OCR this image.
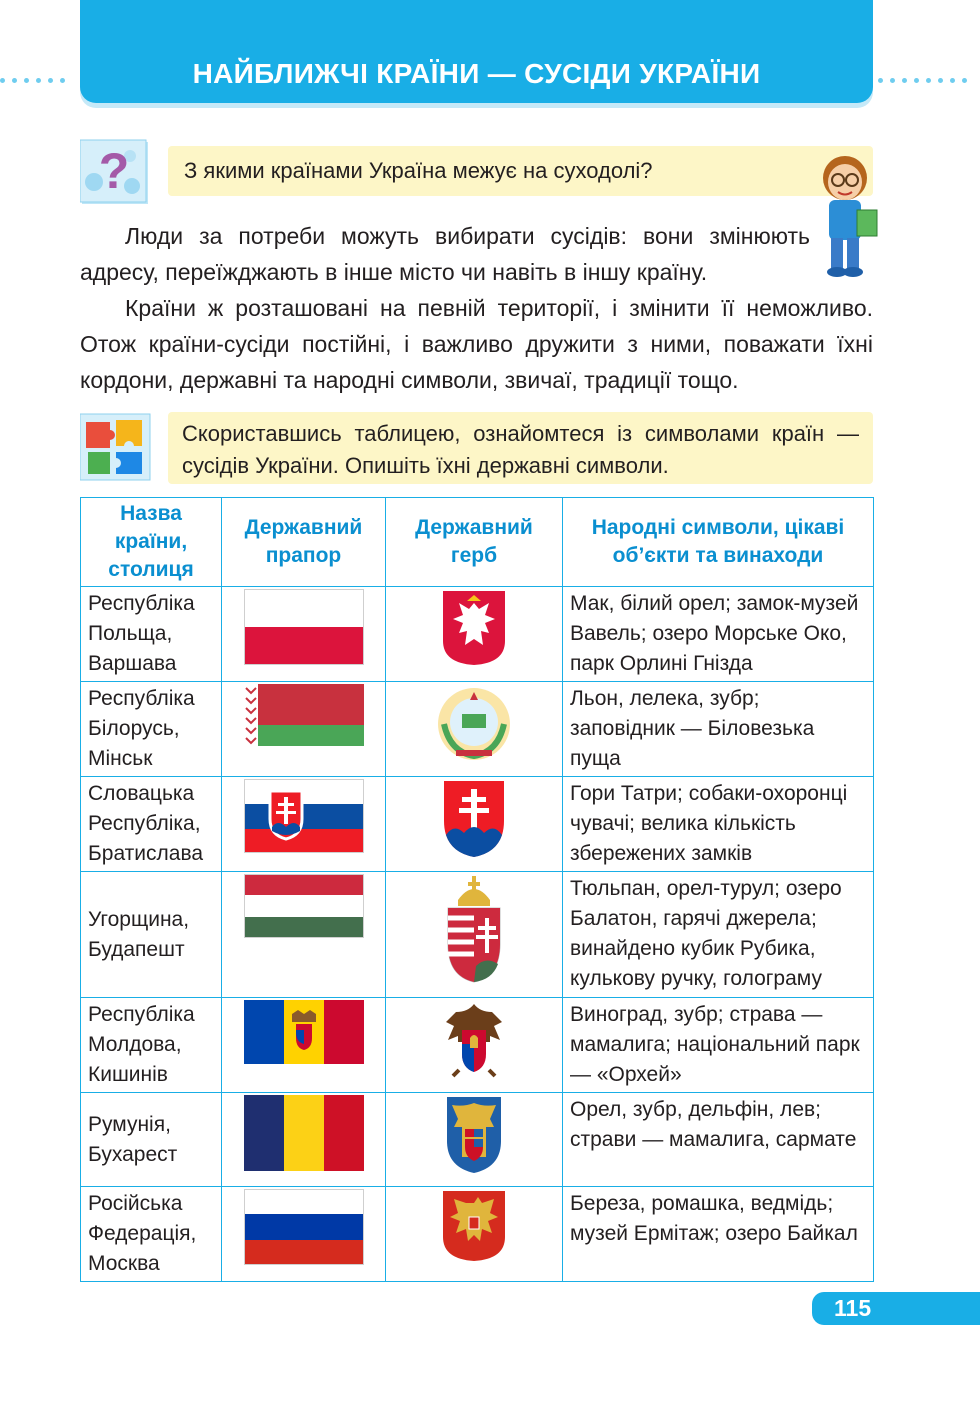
НАЙБЛИЖЧІ КРАЇНИ — СУСІДИ УКРАЇНИ
?	З якими країнами Україна межує на суходолі?

Люди за потреби можуть вибирати сусідів: вони змінюють адресу, переїжджають в інше місто чи навіть в іншу країну.

Країни ж розташовані на певній території, і змінити її неможливо. Отож країни-сусіди постійні, і важливо дружити з ними, поважати їхні кордони, державні та народні символи, звичаї, традиції тощо.

Скориставшись таблицею, ознайомтеся із символами країн — сусідів України. Опишіть їхні державні символи.
Назва країни, столиця	Державний прапор	Державний герб	Народні символи, цікаві об’єкти та винаходи
Республіка Польща, Варшава			Мак, білий орел; замок-музей Вавель; озеро Морське Око, парк Орлині Гнізда
Республіка Білорусь, Мінськ			Льон, лелека, зубр; заповідник — Біловезька пуща
Словацька Республіка, Братислава			Гори Татри; собаки-охоронці чувачі; велика кількість збережених замків
Угорщина, Будапешт			Тюльпан, орел-турул; озеро Балатон, гарячі джерела; винайдено кубик Рубика, кулькову ручку, голограму
Республіка Молдова, Кишинів			Виноград, зубр; страва — мамалига; національний парк — «Орхей»
Румунія, Бухарест			Орел, зубр, дельфін, лев; страви — мамалига, сармате
Російська Федерація, Москва			Береза, ромашка, ведмідь; музей Ермітаж; озеро Байкал
115
